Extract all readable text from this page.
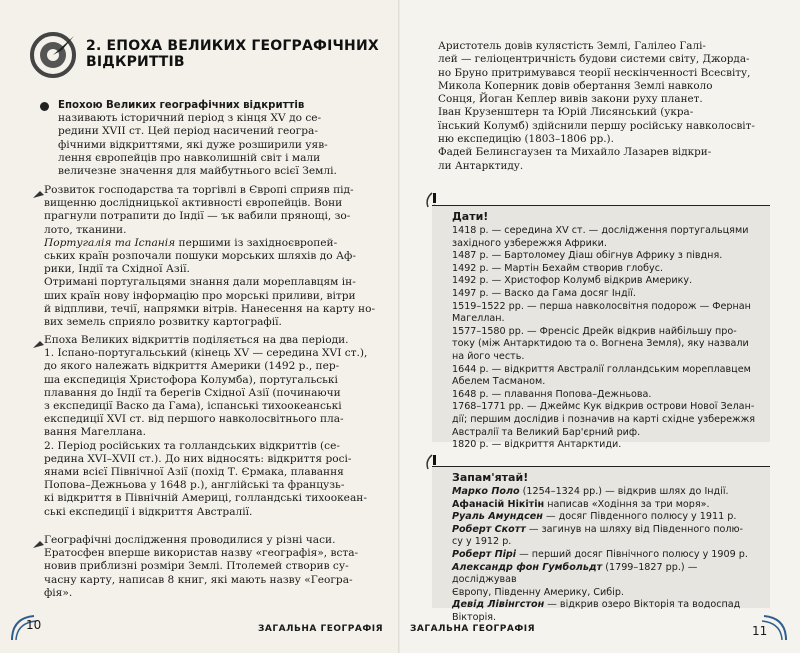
2. ЕПОХА ВЕЛИКИХ ГЕОГРАФІЧНИХ
ВІДКРИТТІВ
Епохою Великих географічних відкриттів
називають історичний період з кінця XV до се-
редини XVII ст. Цей період насичений геогра-
фічними відкриттями, які дуже розширили уяв-
лення європейців про навколишній світ і мали
величезне значення для майбутнього всієї Землі.
Розвиток господарства та торгівлі в Європі сприяв під-
вищенню дослідницької активності європейців. Вони
прагнули потрапити до Індії — ък вабили прянощі, зо-
лото, тканини.
Португалія та Іспанія першими із західноєвропей-
ських країн розпочали пошуки морських шляхів до Аф-
рики, Індії та Східної Азії.
Отримані португальцями знання дали мореплавцям ін-
ших країн нову інформацію про морські приливи, вітри
й відпливи, течії, напрямки вітрів. Нанесення на карту но-
вих земель сприяло розвитку картографії.
Епоха Великих відкриттів поділяється на два періоди.
1. Іспано-португальський (кінець XV — середина XVI ст.),
до якого належать відкриття Америки (1492 р., пер-
ша експедиція Христофора Колумба), португальські
плавання до Індії та берегів Східної Азії (починаючи
з експедиції Васко да Гама), іспанські тихоокеанські
експедиції XVI ст. від першого навколосвітнього пла-
вання Магеллана.
2. Період російських та голландських відкриттів (се-
редина XVI–XVII ст.). До них відносять: відкриття росі-
янами всієї Північної Азії (похід Т. Єрмака, плавання
Попова–Дежньова у 1648 р.), англійські та французь-
кі відкриття в Північній Америці, голландські тихоокеан-
ські експедиції і відкриття Австралії.
Географічні дослідження проводилися у різні часи.
Ератосфен вперше використав назву «географія», вста-
новив приблизні розміри Землі. Птолемей створив су-
часну карту, написав 8 книг, які мають назву «Геогра-
фія».
10	ЗАГАЛЬНА ГЕОГРАФІЯ
Аристотель довів кулястість Землі, Галілео Галі-
лей — геліоцентричність будови системи світу, Джорда-
но Бруно притримувався теорії нескінченності Всесвіту,
Микола Коперник довів обертання Землі навколо
Сонця, Йоган Кеплер вивів закони руху планет.
Іван Крузенштерн та Юрій Лисянський (укра-
їнський Колумб) здійснили першу російську навколосвіт-
ню експедицію (1803–1806 рр.).
Фадей Белинсгаузен та Михайло Лазарев відкри-
ли Антарктиду.
Дати!
1418 р. — середина XV ст. — дослідження португальцями
західного узбережжя Африки.
1487 р. — Бартоломеу Діаш обігнув Африку з півдня.
1492 р. — Мартін Бехайм створив глобус.
1492 р. — Христофор Колумб відкрив Америку.
1497 р. — Васко да Гама досяг Індії.
1519–1522 рр. — перша навколосвітня подорож — Фернан
Магеллан.
1577–1580 рр. — Френсіс Дрейк відкрив найбільшу про-
току (між Антарктидою та о. Вогнена Земля), яку назвали
на його честь.
1644 р. — відкриття Австралії голландським мореплавцем
Абелем Тасманом.
1648 р. — плавання Попова–Дежньова.
1768–1771 рр. — Джеймс Кук відкрив острови Нової Зелан-
дії; першим дослідив і позначив на карті східне узбережжя
Австралії та Великий Бар'єрний риф.
1820 р. — відкриття Антарктиди.
Запам'ятай!
Марко Поло (1254–1324 рр.) — відкрив шлях до Індії.
Афанасій Нікітін написав «Ходіння за три моря».
Руаль Амундсен — досяг Південного полюсу у 1911 р.
Роберт Скотт — загинув на шляху від Південного полю-
су у 1912 р.
Роберт Пірі — перший досяг Північного полюсу у 1909 р.
Александр фон Гумбольдт (1799–1827 рр.) — досліджував
Європу, Південну Америку, Сибір.
Девід Лівінгстон — відкрив озеро Вікторія та водоспад
Вікторія.
ЗАГАЛЬНА ГЕОГРАФІЯ	11
